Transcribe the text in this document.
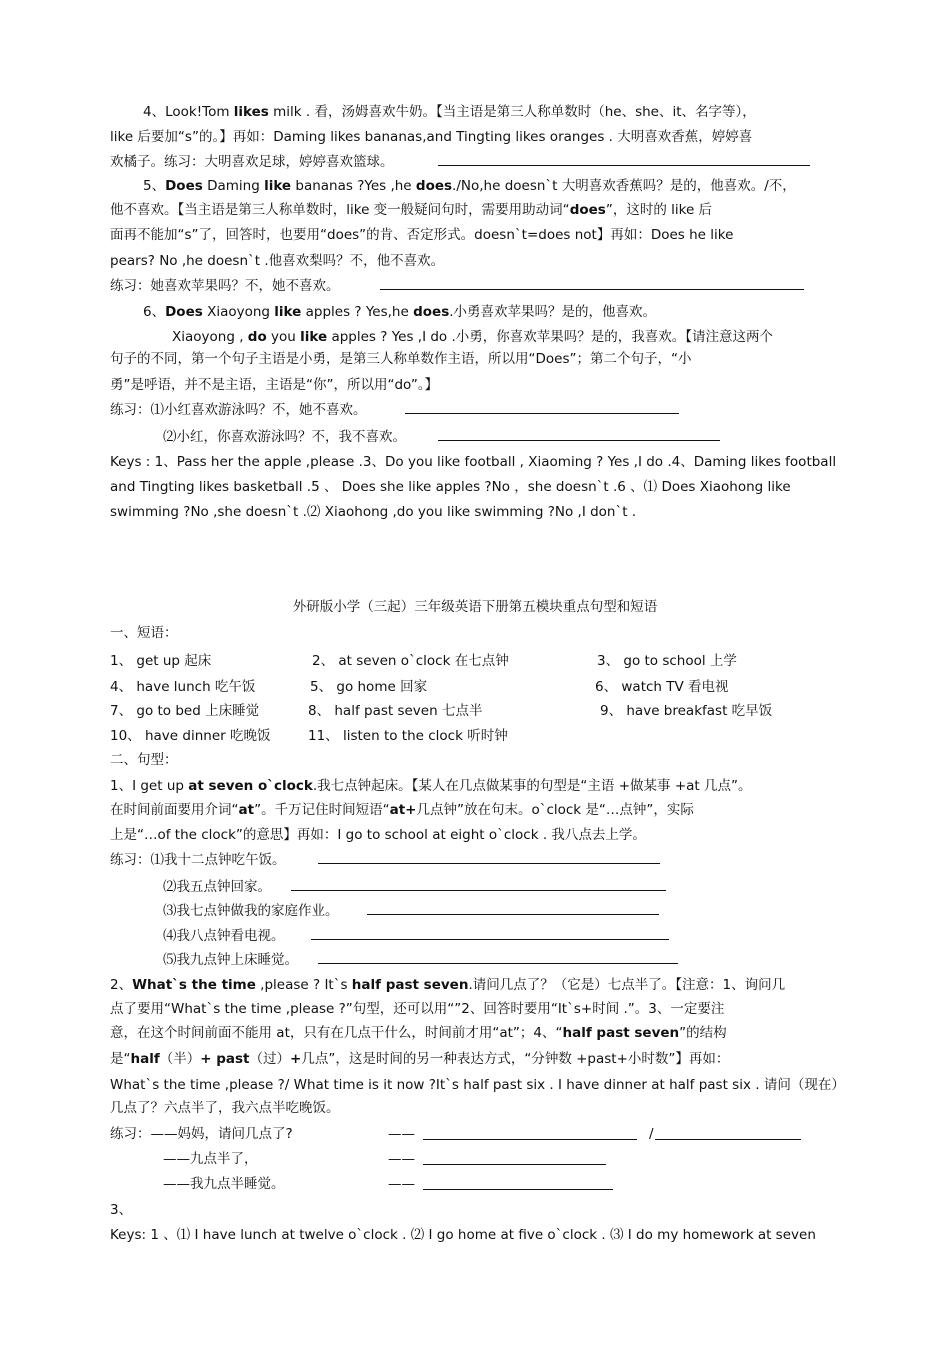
4、Look!Tom likes milk . 看，汤姆喜欢牛奶。【当主语是第三人称单数时（he、she、it、名字等），
like 后要加“s”的。】再如：Daming likes bananas,and Tingting likes oranges . 大明喜欢香蕉，婷婷喜
欢橘子。练习：大明喜欢足球，婷婷喜欢篮球。
5、Does Daming like bananas ?Yes ,he does./No,he doesn`t 大明喜欢香蕉吗？是的，他喜欢。/不，
他不喜欢。【当主语是第三人称单数时，like 变一般疑问句时，需要用助动词“does”，这时的 like 后
面再不能加“s”了，回答时，也要用“does”的肯、否定形式。doesn`t=does not】再如：Does he like
pears? No ,he doesn`t .他喜欢梨吗？不，他不喜欢。
练习：她喜欢苹果吗？不，她不喜欢。
6、Does Xiaoyong like apples ? Yes,he does.小勇喜欢苹果吗？是的，他喜欢。
Xiaoyong , do you like apples ? Yes ,I do .小勇，你喜欢苹果吗？是的，我喜欢。【请注意这两个
句子的不同，第一个句子主语是小勇，是第三人称单数作主语，所以用“Does”；第二个句子，“小
勇”是呼语，并不是主语，主语是“你”，所以用“do”。】
练习：⑴小红喜欢游泳吗？不，她不喜欢。
⑵小红，你喜欢游泳吗？不，我不喜欢。
Keys : 1、Pass her the apple ,please .3、Do you like football , Xiaoming ? Yes ,I do .4、Daming likes football
and Tingting likes basketball .5 、 Does she like apples ?No ，she doesn`t .6 、⑴ Does Xiaohong like
swimming ?No ,she doesn`t .⑵ Xiaohong ,do you like swimming ?No ,I don`t .
外研版小学（三起）三年级英语下册第五模块重点句型和短语
一、短语：
1、 get up 起床	2、 at seven o`clock 在七点钟	3、 go to school 上学
4、 have lunch 吃午饭	5、 go home 回家	6、 watch TV 看电视
7、 go to bed 上床睡觉	8、 half past seven 七点半	9、 have breakfast 吃早饭
10、 have dinner 吃晚饭	11、 listen to the clock 听时钟
二、句型：
1、I get up at seven o`clock.我七点钟起床。【某人在几点做某事的句型是“主语 +做某事 +at 几点”。
在时间前面要用介词“at”。千万记住时间短语“at+几点钟”放在句末。o`clock 是“…点钟”，实际
上是“…of the clock”的意思】再如：I go to school at eight o`clock . 我八点去上学。
练习：⑴我十二点钟吃午饭。
⑵我五点钟回家。
⑶我七点钟做我的家庭作业。
⑷我八点钟看电视。
⑸我九点钟上床睡觉。
2、What`s the time ,please ? It`s half past seven.请问几点了？（它是）七点半了。【注意：1、询问几
点了要用“What`s the time ,please ?”句型，还可以用“”2、回答时要用“It`s+时间 .”。3、一定要注
意，在这个时间前面不能用 at，只有在几点干什么，时间前才用“at”；4、“half past seven”的结构
是“half（半）+ past（过）+几点”，这是时间的另一种表达方式，“分钟数 +past+小时数”】再如：
What`s the time ,please ?/ What time is it now ?It`s half past six . I have dinner at half past six . 请问（现在）
几点了？六点半了，我六点半吃晚饭。
练习：——妈妈，请问几点了?	——	/
——九点半了，	——
——我九点半睡觉。	——
3、
Keys: 1 、⑴ I have lunch at twelve o`clock . ⑵ I go home at five o`clock . ⑶ I do my homework at seven
